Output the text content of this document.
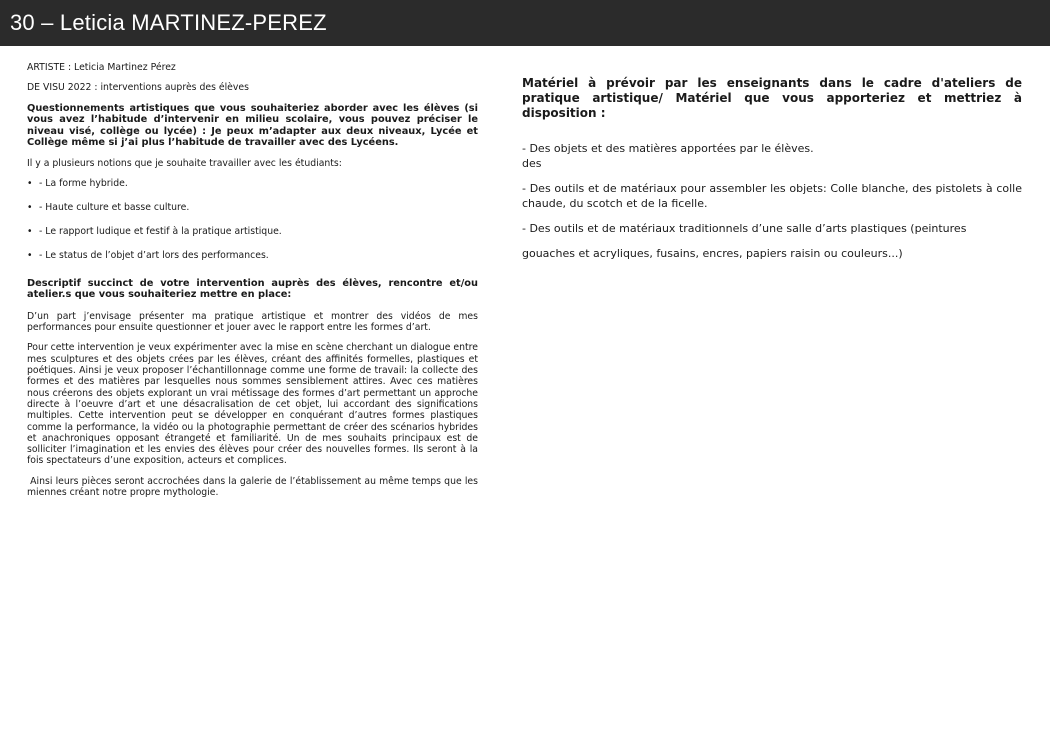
30 – Leticia MARTINEZ-PEREZ

ARTISTE : Leticia Martinez Pérez

DE VISU 2022 : interventions auprès des élèves

Questionnements artistiques que vous souhaiteriez aborder avec les élèves (si vous avez l’habitude d’intervenir en milieu scolaire, vous pouvez préciser le niveau visé, collège ou lycée) : Je peux m’adapter aux deux niveaux, Lycée et Collège même si j’ai plus l’habitude de travailler avec des Lycéens.

Il y a plusieurs notions que je souhaite travailler avec les étudiants:

• - La forme hybride.
• - Haute culture et basse culture.
• - Le rapport ludique et festif à la pratique artistique.
• - Le status de l’objet d’art lors des performances.

Descriptif succinct de votre intervention auprès des élèves, rencontre et/ou atelier.s que vous souhaiteriez mettre en place:

D’un part j’envisage présenter ma pratique artistique et montrer des vidéos de mes performances pour ensuite questionner et jouer avec le rapport entre les formes d’art.

Pour cette intervention je veux expérimenter avec la mise en scène cherchant un dialogue entre mes sculptures et des objets crées par les élèves, créant des affinités formelles, plastiques et poétiques. Ainsi je veux proposer l’échantillonnage comme une forme de travail: la collecte des formes et des matières par lesquelles nous sommes sensiblement attires. Avec ces matières nous créerons des objets explorant un vrai métissage des formes d’art permettant un approche directe à l’oeuvre d’art et une désacralisation de cet objet, lui accordant des significations multiples. Cette intervention peut se développer en conquérant d’autres formes plastiques comme la performance, la vidéo ou la photographie permettant de créer des scénarios hybrides et anachroniques opposant étrangeté et familiarité. Un de mes souhaits principaux est de solliciter l’imagination et les envies des élèves pour créer des nouvelles formes. Ils seront à la fois spectateurs d’une exposition, acteurs et complices.

Ainsi leurs pièces seront accrochées dans la galerie de l’établissement au même temps que les miennes créant notre propre mythologie.

Matériel à prévoir par les enseignants dans le cadre d'ateliers de pratique artistique/ Matériel que vous apporteriez et mettriez à disposition :

- Des objets et des matières apportées par le élèves.

des

- Des outils et de matériaux pour assembler les objets: Colle blanche, des pistolets à colle chaude, du scotch et de la ficelle.

- Des outils et de matériaux traditionnels d’une salle d’arts plastiques (peintures

gouaches et acryliques, fusains, encres, papiers raisin ou couleurs...)
